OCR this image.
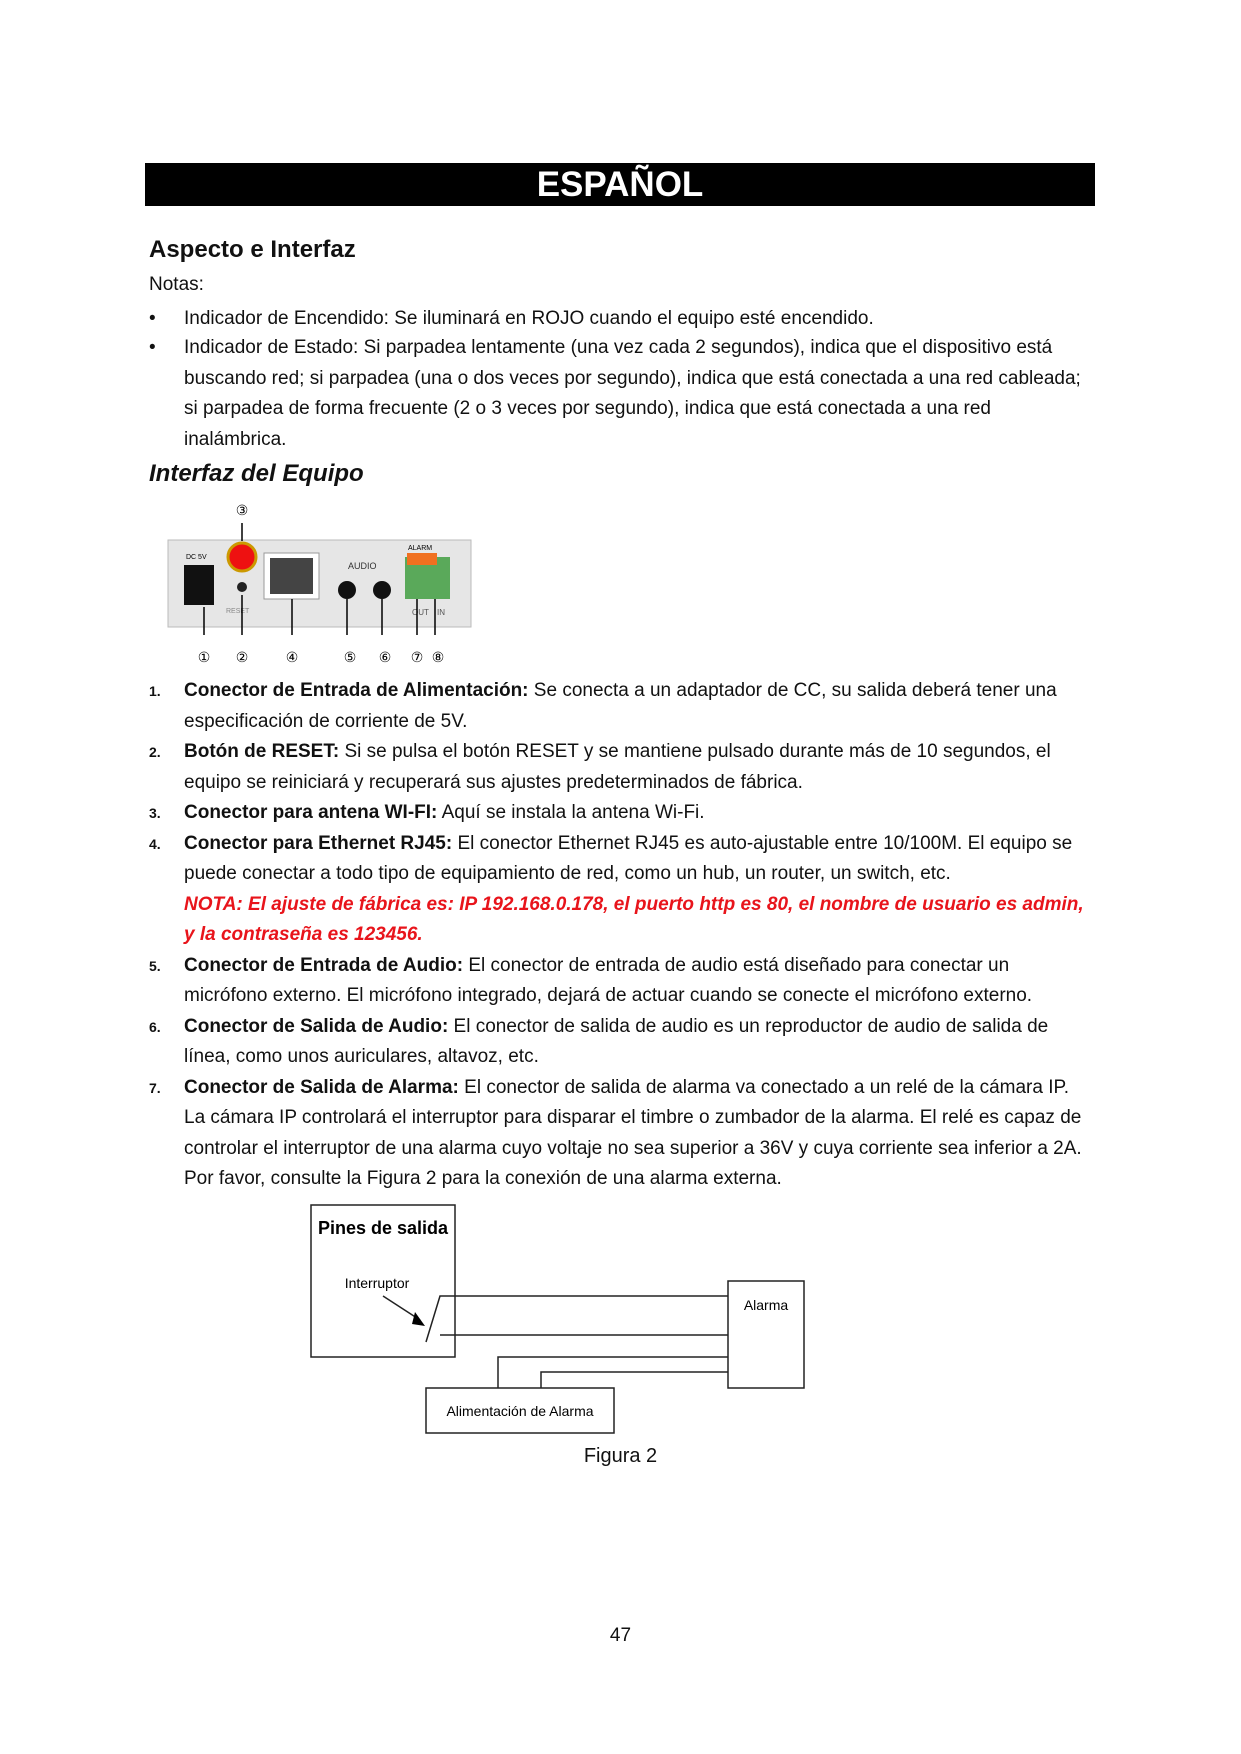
ESPAÑOL
Aspecto e Interfaz
Notas:
• Indicador de Encendido: Se iluminará en ROJO cuando el equipo esté encendido.
• Indicador de Estado: Si parpadea lentamente (una vez cada 2 segundos), indica que el dispositivo está buscando red; si parpadea (una o dos veces por segundo), indica que está conectada a una red cableada; si parpadea de forma frecuente (2 o 3 veces por segundo), indica que está conectada a una red inalámbrica.
Interfaz del Equipo
DC 5V
RESET
AUDIO
ALARM
OUT IN
① ②
③
④	⑤ ⑥ ⑦ ⑧
1. Conector de Entrada de Alimentación: Se conecta a un adaptador de CC, su salida deberá tener una especificación de corriente de 5V.
2. Botón de RESET: Si se pulsa el botón RESET y se mantiene pulsado durante más de 10 segundos, el equipo se reiniciará y recuperará sus ajustes predeterminados de fábrica.
3. Conector para antena WI-FI: Aquí se instala la antena Wi-Fi.
4. Conector para Ethernet RJ45: El conector Ethernet RJ45 es auto-ajustable entre 10/100M. El equipo se puede conectar a todo tipo de equipamiento de red, como un hub, un router, un switch, etc.
NOTA: El ajuste de fábrica es: IP 192.168.0.178, el puerto http es 80, el nombre de usuario es admin, y la contraseña es 123456.
5. Conector de Entrada de Audio: El conector de entrada de audio está diseñado para conectar un micrófono externo. El micrófono integrado, dejará de actuar cuando se conecte el micrófono externo.
6. Conector de Salida de Audio: El conector de salida de audio es un reproductor de audio de salida de línea, como unos auriculares, altavoz, etc.
7. Conector de Salida de Alarma: El conector de salida de alarma va conectado a un relé de la cámara IP. La cámara IP controlará el interruptor para disparar el timbre o zumbador de la alarma. El relé es capaz de controlar el interruptor de una alarma cuyo voltaje no sea superior a 36V y cuya corriente sea inferior a 2A. Por favor, consulte la Figura 2 para la conexión de una alarma externa.
Pines de salida
Interruptor
Alarma
Alimentación de Alarma
Figura 2
47
